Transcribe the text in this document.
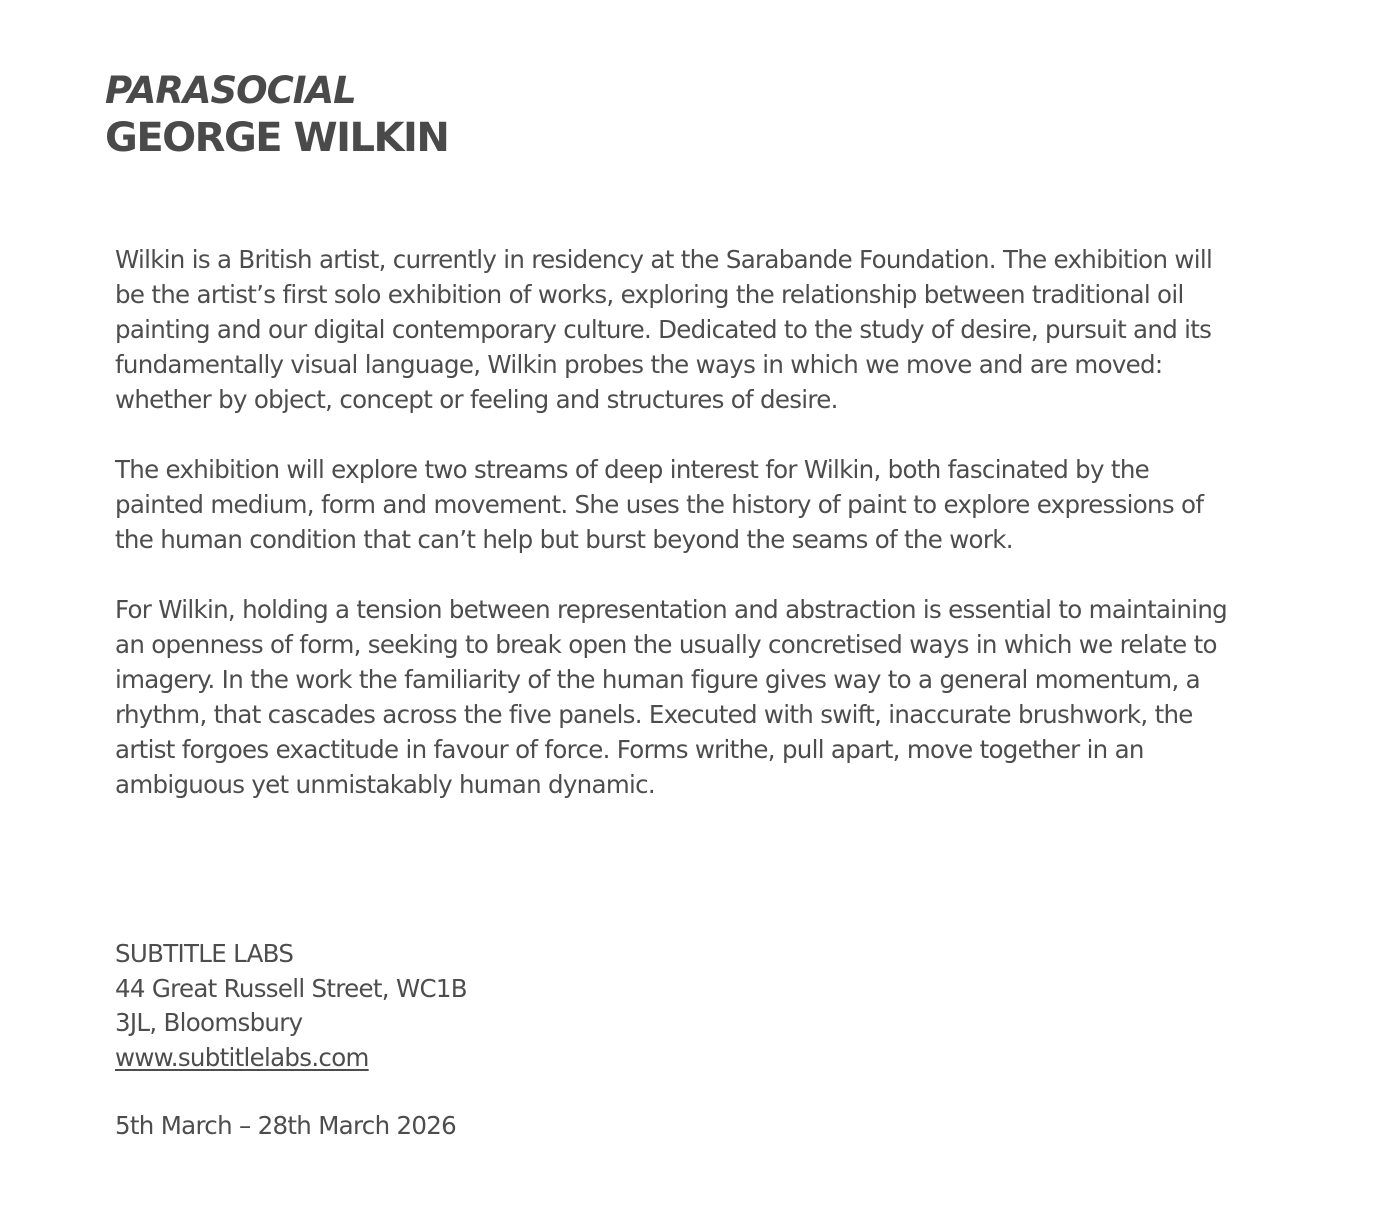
PARASOCIAL
GEORGE WILKIN

Wilkin is a British artist, currently in residency at the Sarabande Foundation. The exhibition will be the artist’s first solo exhibition of works, exploring the relationship between traditional oil painting and our digital contemporary culture. Dedicated to the study of desire, pursuit and its fundamentally visual language, Wilkin probes the ways in which we move and are moved: whether by object, concept or feeling and structures of desire.

The exhibition will explore two streams of deep interest for Wilkin, both fascinated by the painted medium, form and movement. She uses the history of paint to explore expressions of the human condition that can’t help but burst beyond the seams of the work.

For Wilkin, holding a tension between representation and abstraction is essential to maintaining an openness of form, seeking to break open the usually concretised ways in which we relate to imagery. In the work the familiarity of the human figure gives way to a general momentum, a rhythm, that cascades across the five panels. Executed with swift, inaccurate brushwork, the artist forgoes exactitude in favour of force. Forms writhe, pull apart, move together in an ambiguous yet unmistakably human dynamic.

SUBTITLE LABS
44 Great Russell Street, WC1B
3JL, Bloomsbury
www.subtitlelabs.com
5th March – 28th March 2026
